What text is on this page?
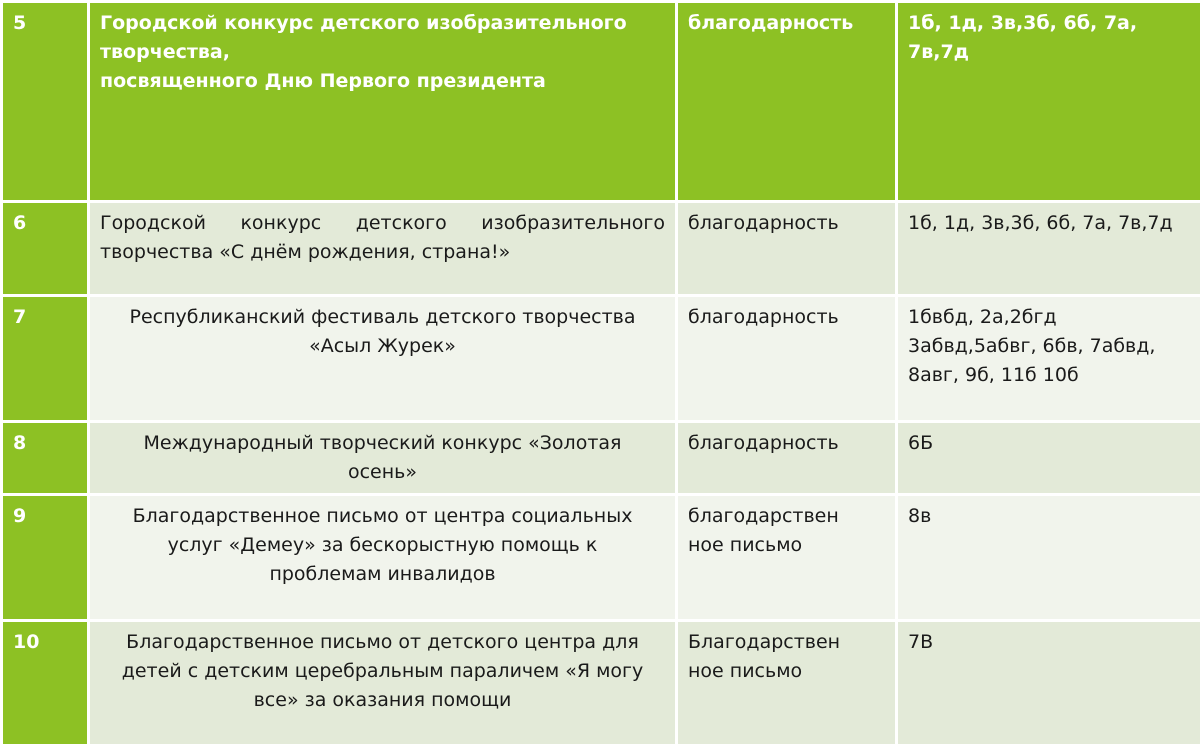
5	Городской конкурс детского изобразительного
творчества,
посвященного Дню Первого президента	благодарность	1б, 1д, 3в,3б, 6б, 7а,
7в,7д

6	Городской конкурс детского изобразительного
творчества «С днём рождения, страна!»	благодарность	1б, 1д, 3в,3б, 6б, 7а, 7в,7д

7	Республиканский фестиваль детского творчества
«Асыл Журек»	благодарность	1бвбд, 2а,2бгд
3абвд,5абвг, 6бв, 7абвд,
8авг, 9б, 11б 10б

8	Международный творческий конкурс «Золотая
осень»	благодарность	6Б

9	Благодарственное письмо от центра социальных
услуг «Демеу» за бескорыстную помощь к
проблемам инвалидов	благодарствен
ное письмо	8в

10	Благодарственное письмо от детского центра для
детей с детским церебральным параличем «Я могу
все» за оказания помощи	Благодарствен
ное письмо	7В
